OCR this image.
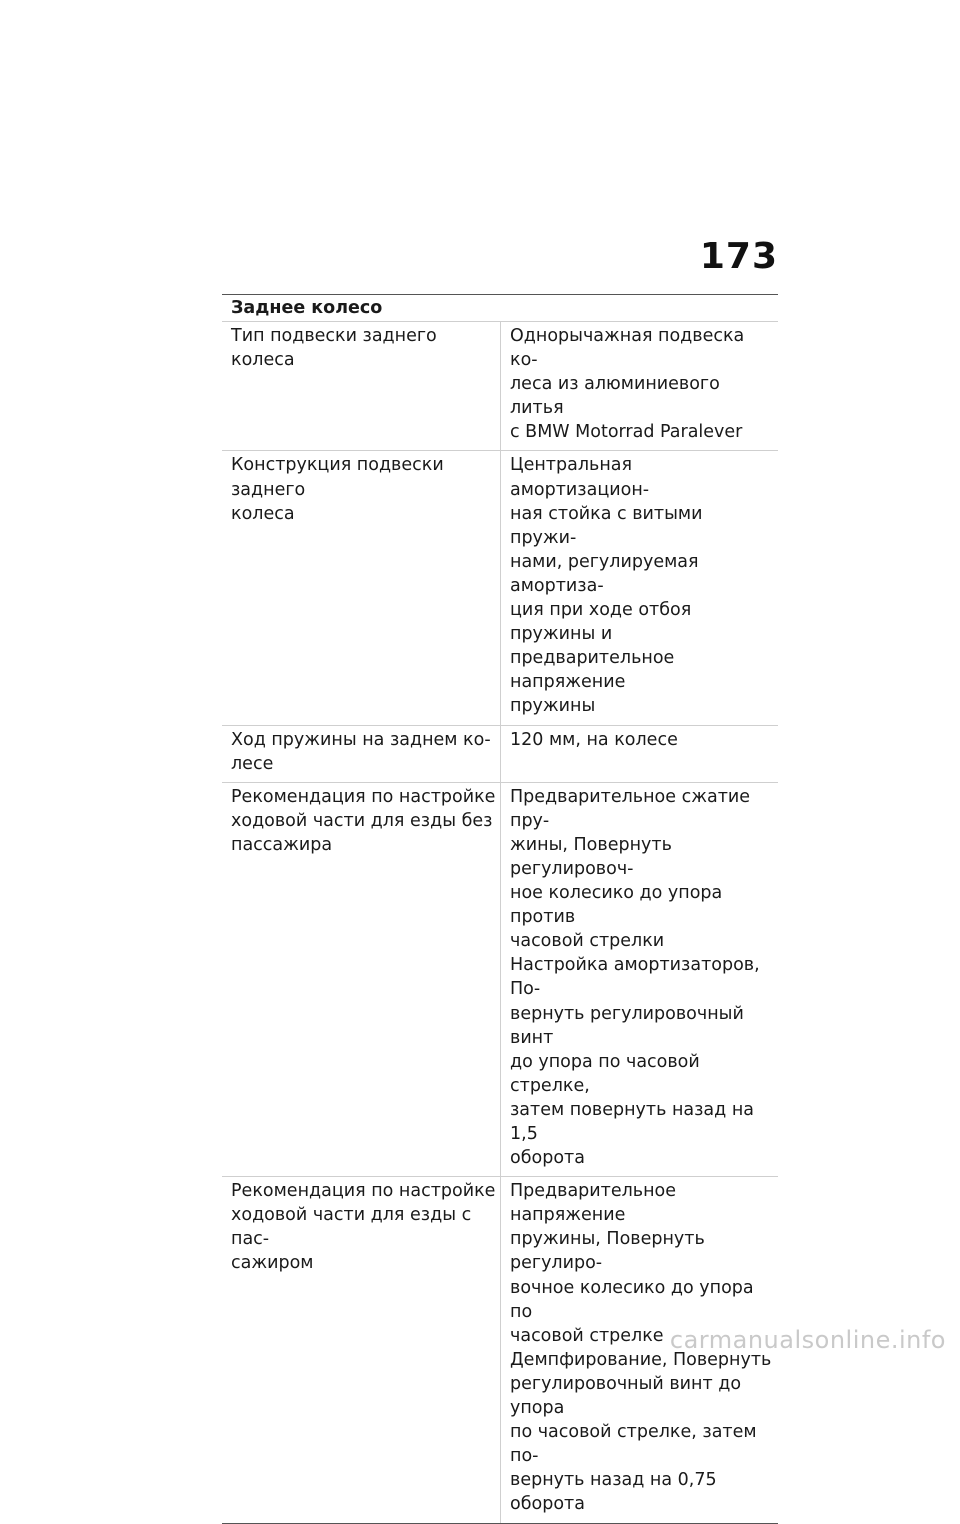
173
Заднее колесо
Тип подвески заднего колеса
Однорычажная подвеска ко-
леса из алюминиевого литья
с BMW Motorrad Paralever
Конструкция подвески заднего
колеса
Центральная амортизацион-
ная стойка с витыми пружи-
нами, регулируемая амортиза-
ция при ходе отбоя пружины и
предварительное напряжение
пружины
Ход пружины на заднем ко-
лесе
120 мм, на колесе
Рекомендация по настройке
ходовой части для езды без
пассажира
Предварительное сжатие пру-
жины, Повернуть регулировоч-
ное колесико до упора против
часовой стрелки
Настройка амортизаторов, По-
вернуть регулировочный винт
до упора по часовой стрелке,
затем повернуть назад на 1,5
оборота
Рекомендация по настройке
ходовой части для езды с пас-
сажиром
Предварительное напряжение
пружины, Повернуть регулиро-
вочное колесико до упора по
часовой стрелке
Демпфирование, Повернуть
регулировочный винт до упора
по часовой стрелке, затем по-
вернуть назад на 0,75 оборота
carmanualsonline.info
